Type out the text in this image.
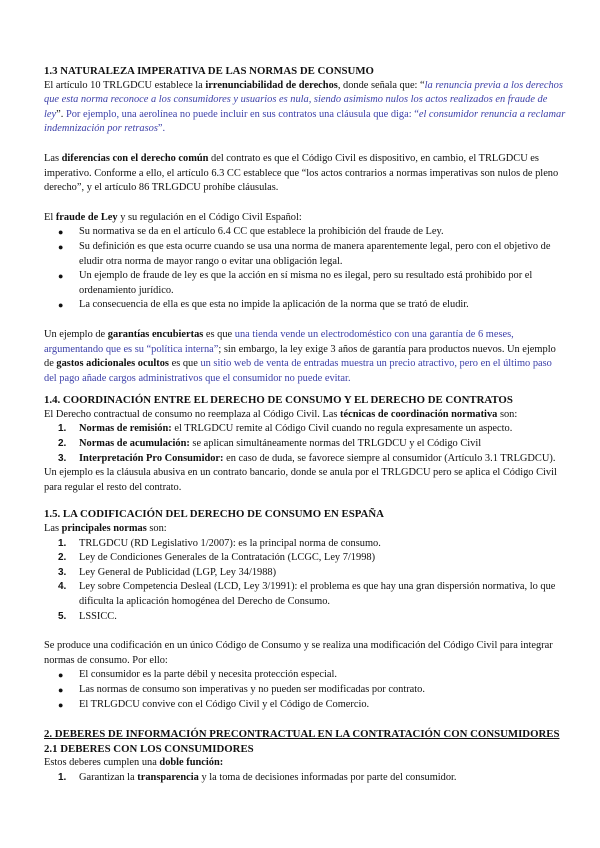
1.3 NATURALEZA IMPERATIVA DE LAS NORMAS DE CONSUMO

El artículo 10 TRLGDCU establece la irrenunciabilidad de derechos, donde señala que: “la renuncia previa a los derechos que esta norma reconoce a los consumidores y usuarios es nula, siendo asimismo nulos los actos realizados en fraude de ley”. Por ejemplo, una aerolínea no puede incluir en sus contratos una cláusula que diga: “el consumidor renuncia a reclamar indemnización por retrasos”.

Las diferencias con el derecho común del contrato es que el Código Civil es dispositivo, en cambio, el TRLGDCU es imperativo. Conforme a ello, el artículo 6.3 CC establece que “los actos contrarios a normas imperativas son nulos de pleno derecho”, y el artículo 86 TRLGDCU prohíbe cláusulas.

El fraude de Ley y su regulación en el Código Civil Español:

● Su normativa se da en el artículo 6.4 CC que establece la prohibición del fraude de Ley.
● Su definición es que esta ocurre cuando se usa una norma de manera aparentemente legal, pero con el objetivo de eludir otra norma de mayor rango o evitar una obligación legal.
● Un ejemplo de fraude de ley es que la acción en sí misma no es ilegal, pero su resultado está prohibido por el ordenamiento jurídico.
● La consecuencia de ella es que esta no impide la aplicación de la norma que se trató de eludir.

Un ejemplo de garantías encubiertas es que una tienda vende un electrodoméstico con una garantía de 6 meses, argumentando que es su “política interna”; sin embargo, la ley exige 3 años de garantía para productos nuevos. Un ejemplo de gastos adicionales ocultos es que un sitio web de venta de entradas muestra un precio atractivo, pero en el último paso del pago añade cargos administrativos que el consumidor no puede evitar.

1.4. COORDINACIÓN ENTRE EL DERECHO DE CONSUMO Y EL DERECHO DE CONTRATOS

El Derecho contractual de consumo no reemplaza al Código Civil. Las técnicas de coordinación normativa son:

1. Normas de remisión: el TRLGDCU remite al Código Civil cuando no regula expresamente un aspecto.
2. Normas de acumulación: se aplican simultáneamente normas del TRLGDCU y el Código Civil
3. Interpretación Pro Consumidor: en caso de duda, se favorece siempre al consumidor (Artículo 3.1 TRLGDCU).

Un ejemplo es la cláusula abusiva en un contrato bancario, donde se anula por el TRLGDCU pero se aplica el Código Civil para regular el resto del contrato.

1.5. LA CODIFICACIÓN DEL DERECHO DE CONSUMO EN ESPAÑA

Las principales normas son:

1. TRLGDCU (RD Legislativo 1/2007): es la principal norma de consumo.
2. Ley de Condiciones Generales de la Contratación (LCGC, Ley 7/1998)
3. Ley General de Publicidad (LGP, Ley 34/1988)
4. Ley sobre Competencia Desleal (LCD, Ley 3/1991): el problema es que hay una gran dispersión normativa, lo que dificulta la aplicación homogénea del Derecho de Consumo.
5. LSSICC.

Se produce una codificación en un único Código de Consumo y se realiza una modificación del Código Civil para integrar normas de consumo. Por ello:

● El consumidor es la parte débil y necesita protección especial.
● Las normas de consumo son imperativas y no pueden ser modificadas por contrato.
● El TRLGDCU convive con el Código Civil y el Código de Comercio.
2. DEBERES DE INFORMACIÓN PRECONTRACTUAL EN LA CONTRATACIÓN CON CONSUMIDORES
2.1 DEBERES CON LOS CONSUMIDORES

Estos deberes cumplen una doble función:

1. Garantizan la transparencia y la toma de decisiones informadas por parte del consumidor.
